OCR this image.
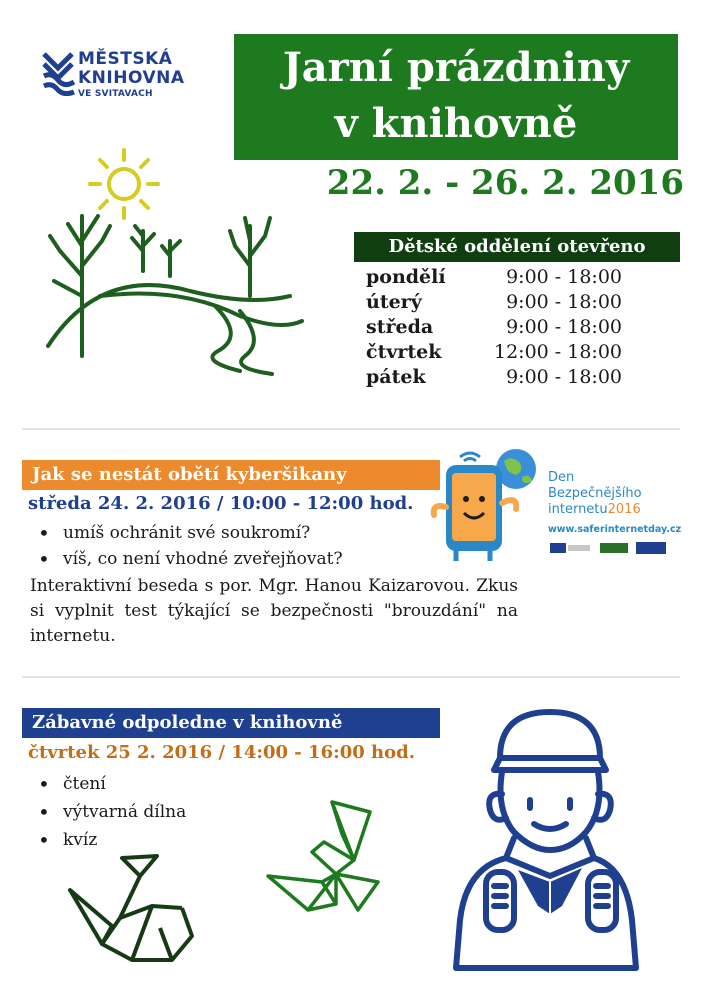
MĚSTSKÁ
KNIHOVNA
VE SVITAVACH
Jarní prázdniny
v knihovně
22. 2. - 26. 2. 2016
Dětské oddělení otevřeno
pondělí	9:00 - 18:00
úterý	9:00 - 18:00
středa	9:00 - 18:00
čtvrtek	12:00 - 18:00
pátek	9:00 - 18:00
Jak se nestát obětí kyberšikany
středa 24. 2. 2016 / 10:00 - 12:00 hod.
• umíš ochránit své soukromí?
• víš, co není vhodné zveřejňovat?
Interaktivní beseda s por. Mgr. Hanou Kaizarovou. Zkus si vyplnit test týkající se bezpečnosti "brouzdání" na internetu.
Den
Bezpečnějšího
internetu2016
www.saferinternetday.cz
Zábavné odpoledne v knihovně
čtvrtek 25 2. 2016 / 14:00 - 16:00 hod.
• čtení
• výtvarná dílna
• kvíz
